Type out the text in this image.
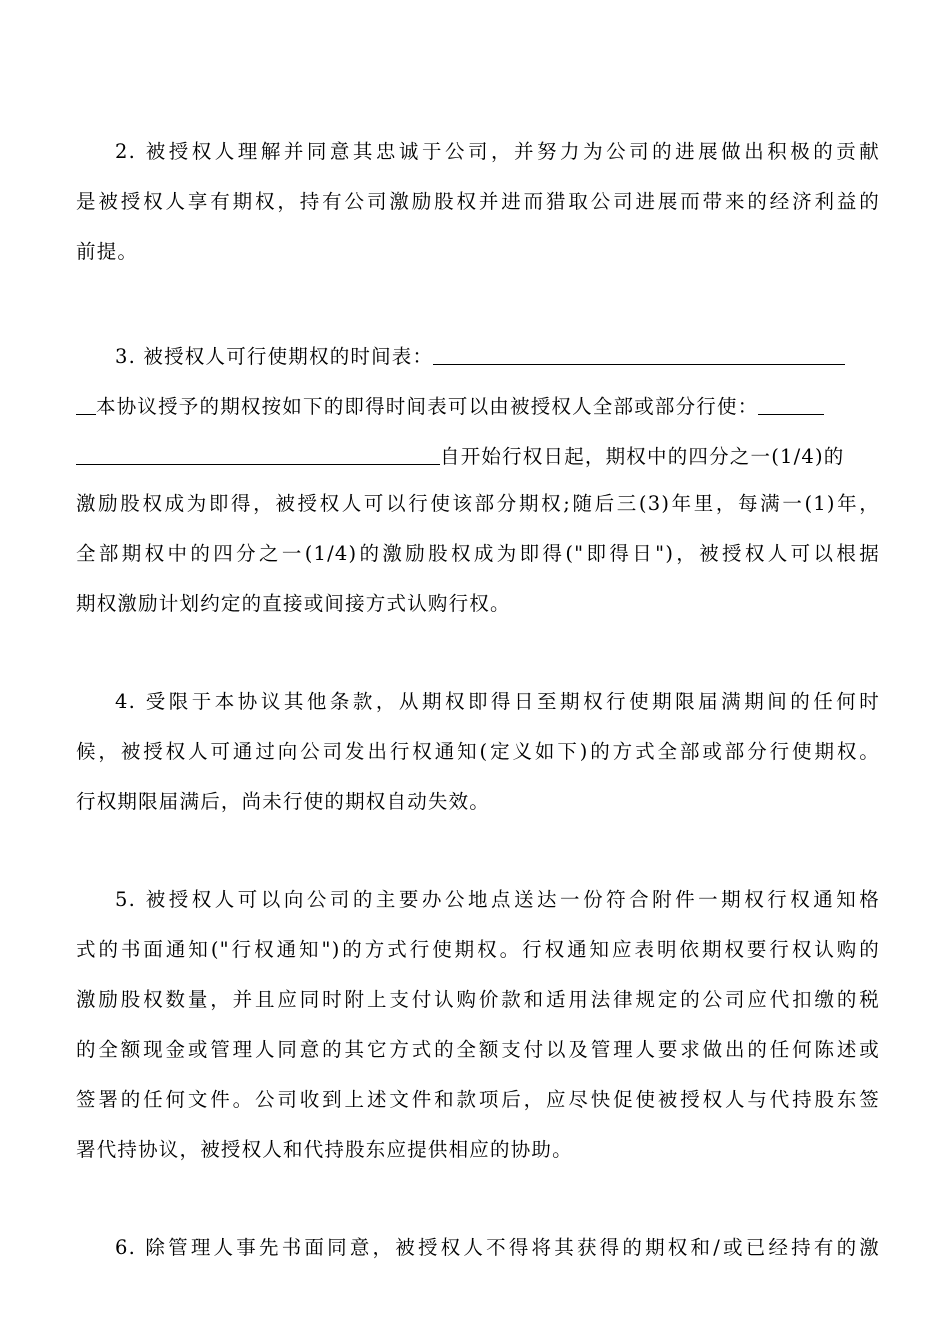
2. 被授权人理解并同意其忠诚于公司，并努力为公司的进展做出积极的贡献
是被授权人享有期权，持有公司激励股权并进而猎取公司进展而带来的经济利益的
前提。
3. 被授权人可行使期权的时间表：
本协议授予的期权按如下的即得时间表可以由被授权人全部或部分行使：
自开始行权日起，期权中的四分之一(1/4)的
激励股权成为即得，被授权人可以行使该部分期权;随后三(3)年里，每满一(1)年，
全部期权中的四分之一(1/4)的激励股权成为即得("即得日")，被授权人可以根据
期权激励计划约定的直接或间接方式认购行权。
4. 受限于本协议其他条款，从期权即得日至期权行使期限届满期间的任何时
候，被授权人可通过向公司发出行权通知(定义如下)的方式全部或部分行使期权。
行权期限届满后，尚未行使的期权自动失效。
5. 被授权人可以向公司的主要办公地点送达一份符合附件一期权行权通知格
式的书面通知("行权通知")的方式行使期权。行权通知应表明依期权要行权认购的
激励股权数量，并且应同时附上支付认购价款和适用法律规定的公司应代扣缴的税
的全额现金或管理人同意的其它方式的全额支付以及管理人要求做出的任何陈述或
签署的任何文件。公司收到上述文件和款项后，应尽快促使被授权人与代持股东签
署代持协议，被授权人和代持股东应提供相应的协助。
6. 除管理人事先书面同意，被授权人不得将其获得的期权和/或已经持有的激
